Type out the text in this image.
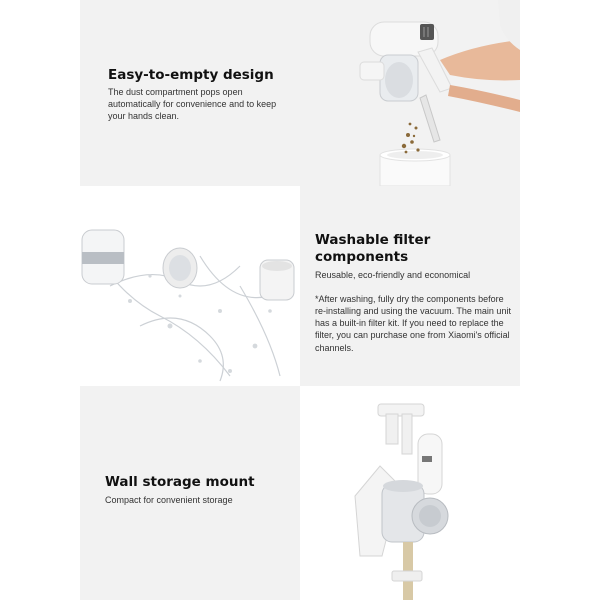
Easy-to-empty design
The dust compartment pops open automatically for convenience and to keep your hands clean.
Washable filter
components
Reusable, eco-friendly and economical
*After washing, fully dry the components before re-installing and using the vacuum. The main unit has a built-in filter kit. If you need to replace the filter, you can purchase one from Xiaomi's official channels.
Wall storage mount
Compact for convenient storage
